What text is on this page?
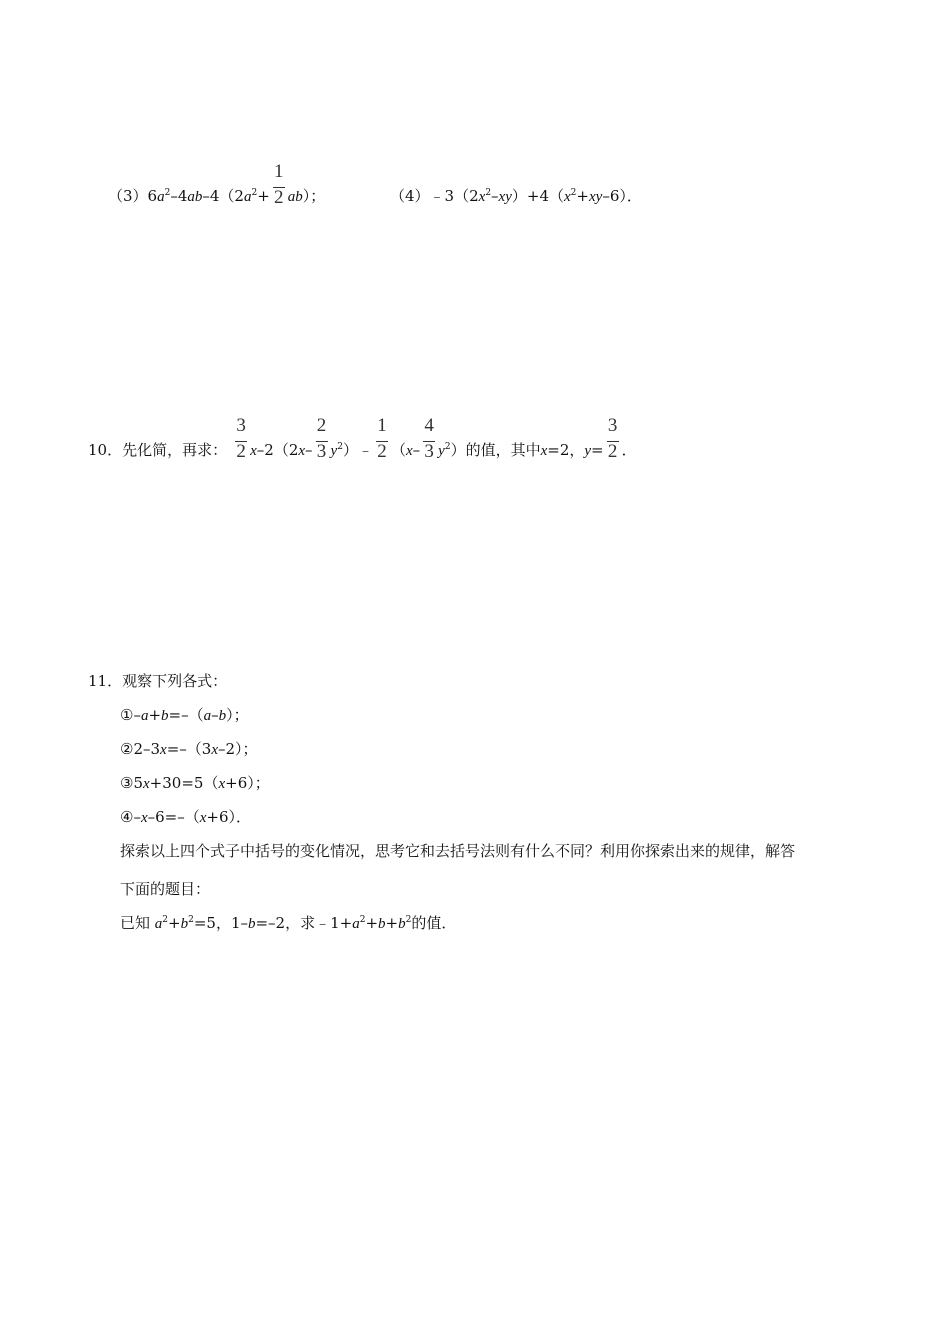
$(3)6a^2-4ab-4(2a^2+ \frac{1}{2} ab)$；	$(4)﹣3(2x^2-xy)+4(x^2+xy-6)$．
10．先化简，再求： $\frac{3}{2} x-2(2x- \frac{2}{3}$ $y^2)﹣ \frac{1}{2} (x- \frac{4}{3} y^2)$的值，其中x=2，$y= \frac{3}{2}$ ．
11．观察下列各式：
①–a+b=–（a–b）；
②2–3x=–（3x–2）；
③5x+30=5（x+6）；
④–x–6=–（x+6）．
探索以上四个式子中括号的变化情况，思考它和去括号法则有什么不同？利用你探索出来的规律，解答
下面的题目：
已知 $a^2+b^2=5$，1–b=–2，求$﹣1+a^2+b+b^2$的值．
